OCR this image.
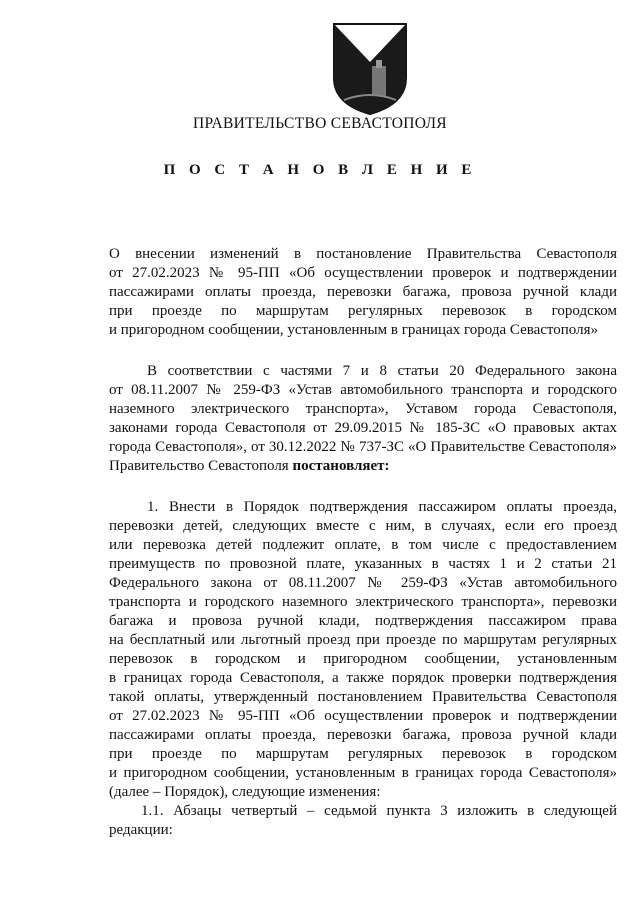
ПРАВИТЕЛЬСТВО СЕВАСТОПОЛЯ
П О С Т А Н О В Л Е Н И Е
О внесении изменений в постановление Правительства Севастополя
от 27.02.2023 № 95-ПП «Об осуществлении проверок и подтверждении
пассажирами оплаты проезда, перевозки багажа, провоза ручной клади
при проезде по маршрутам регулярных перевозок в городском
и пригородном сообщении, установленным в границах города Севастополя»
В соответствии с частями 7 и 8 статьи 20 Федерального закона
от 08.11.2007 № 259-ФЗ «Устав автомобильного транспорта и городского
наземного электрического транспорта», Уставом города Севастополя,
законами города Севастополя от 29.09.2015 № 185-ЗС «О правовых актах
города Севастополя», от 30.12.2022 № 737-ЗС «О Правительстве Севастополя»
Правительство Севастополя постановляет:
1. Внести в Порядок подтверждения пассажиром оплаты проезда,
перевозки детей, следующих вместе с ним, в случаях, если его проезд
или перевозка детей подлежит оплате, в том числе с предоставлением
преимуществ по провозной плате, указанных в частях 1 и 2 статьи 21
Федерального закона от 08.11.2007 № 259-ФЗ «Устав автомобильного
транспорта и городского наземного электрического транспорта», перевозки
багажа и провоза ручной клади, подтверждения пассажиром права
на бесплатный или льготный проезд при проезде по маршрутам регулярных
перевозок в городском и пригородном сообщении, установленным
в границах города Севастополя, а также порядок проверки подтверждения
такой оплаты, утвержденный постановлением Правительства Севастополя
от 27.02.2023 № 95-ПП «Об осуществлении проверок и подтверждении
пассажирами оплаты проезда, перевозки багажа, провоза ручной клади
при проезде по маршрутам регулярных перевозок в городском
и пригородном сообщении, установленным в границах города Севастополя»
(далее – Порядок), следующие изменения:
1.1. Абзацы четвертый – седьмой пункта 3 изложить в следующей
редакции:
